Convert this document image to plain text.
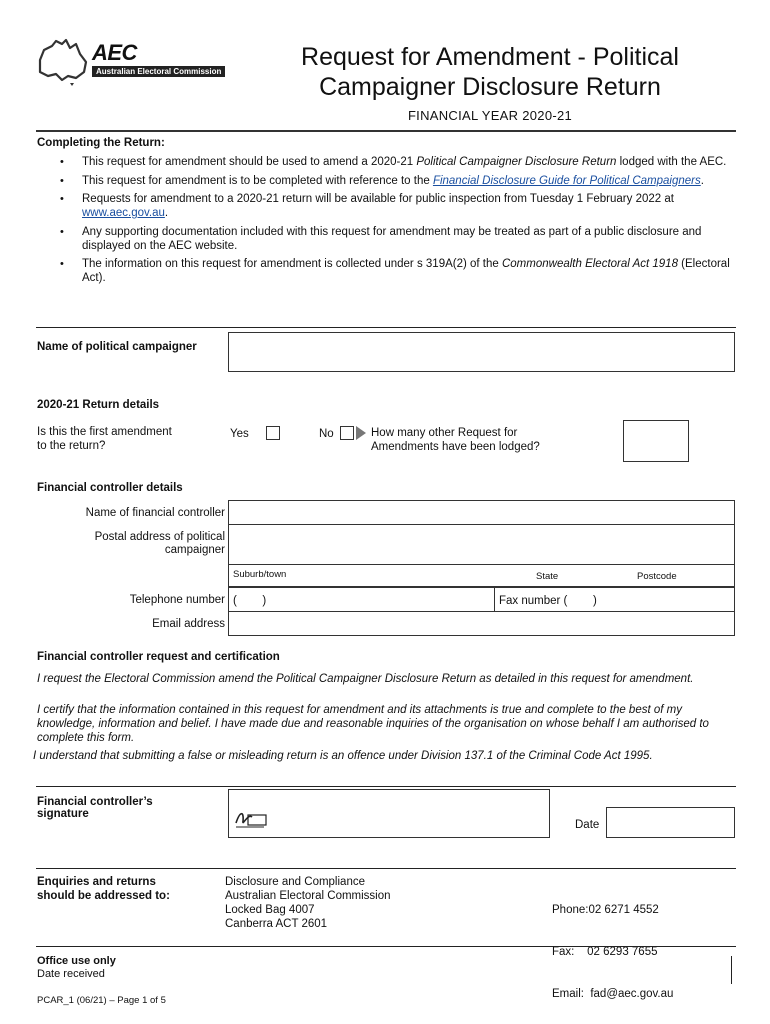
AEC
Australian Electoral Commission
Request for Amendment - Political
Campaigner Disclosure Return
FINANCIAL YEAR 2020-21
Completing the Return:
• This request for amendment should be used to amend a 2020-21 Political Campaigner Disclosure Return lodged with the AEC.
• This request for amendment is to be completed with reference to the Financial Disclosure Guide for Political Campaigners.
• Requests for amendment to a 2020-21 return will be available for public inspection from Tuesday 1 February 2022 at www.aec.gov.au.
• Any supporting documentation included with this request for amendment may be treated as part of a public disclosure and displayed on the AEC website.
• The information on this request for amendment is collected under s 319A(2) of the Commonwealth Electoral Act 1918 (Electoral Act).
Name of political campaigner
2020-21 Return details
Is this the first amendment
to the return?
Yes	No	How many other Request for
Amendments have been lodged?
Financial controller details
Name of financial controller
Postal address of political
campaigner
Suburb/town	State	Postcode
Telephone number (        )	Fax number (        )
Email address
Financial controller request and certification
I request the Electoral Commission amend the Political Campaigner Disclosure Return as detailed in this request for amendment.
I certify that the information contained in this request for amendment and its attachments is true and complete to the best of my knowledge, information and belief. I have made due and reasonable inquiries of the organisation on whose behalf I am authorised to complete this form.
I understand that submitting a false or misleading return is an offence under Division 137.1 of the Criminal Code Act 1995.
Financial controller’s
signature
Date
Enquiries and returns
should be addressed to:
Disclosure and Compliance
Australian Electoral Commission
Locked Bag 4007
Canberra ACT 2601

Phone:02 6271 4552

Fax:    02 6293 7655

Email:  fad@aec.gov.au

Office use only
Date received
PCAR_1 (06/21) – Page 1 of 5
